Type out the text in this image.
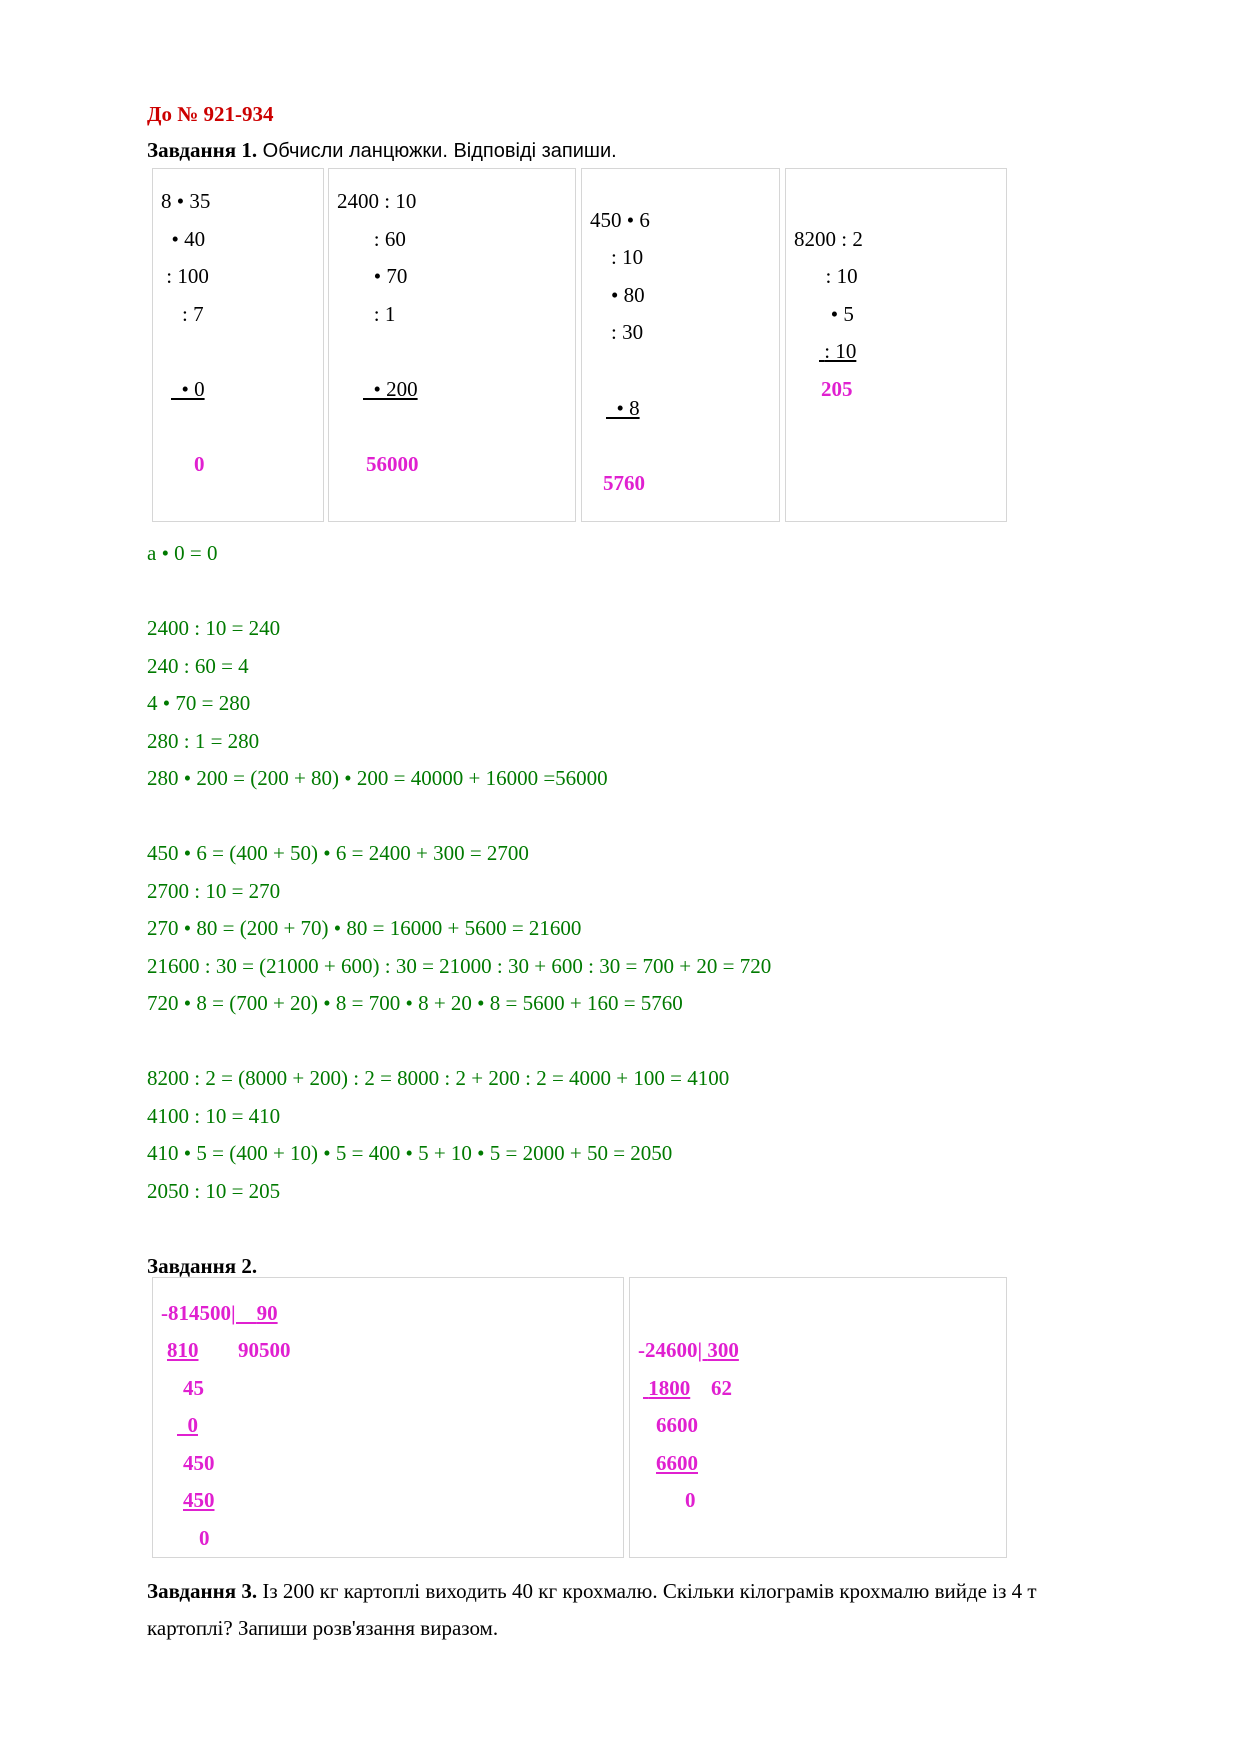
До № 921-934
Завдання 1. Обчисли ланцюжки. Відповіді запиши.
8 • 35
• 40
: 100
: 7
• 0
0
2400 : 10
: 60
• 70
: 1
• 200
56000
450 • 6
: 10
• 80
: 30
• 8
5760
8200 : 2
: 10
• 5
: 10
205
a • 0 = 0
2400 : 10 = 240
240 : 60 = 4
4 • 70 = 280
280 : 1 = 280
280 • 200 = (200 + 80) • 200 = 40000 + 16000 =56000
450 • 6 = (400 + 50) • 6 = 2400 + 300 = 2700
2700 : 10 = 270
270 • 80 = (200 + 70) • 80 = 16000 + 5600 = 21600
21600 : 30 = (21000 + 600) : 30 = 21000 : 30 + 600 : 30 = 700 + 20 = 720
720 • 8 = (700 + 20) • 8 = 700 • 8 + 20 • 8 = 5600 + 160 = 5760
8200 : 2 = (8000 + 200) : 2 = 8000 : 2 + 200 : 2 = 4000 + 100 = 4100
4100 : 10 = 410
410 • 5 = (400 + 10) • 5 = 400 • 5 + 10 • 5 = 2000 + 50 = 2050
2050 : 10 = 205
Завдання 2.
-814500|    90
810 90500
45
0
450
450
0
-24600| 300
1800 62
6600
6600
0
Завдання 3. Із 200 кг картоплі виходить 40 кг крохмалю. Скільки кілограмів крохмалю вийде із 4 т
картоплі? Запиши розв'язання виразом.
